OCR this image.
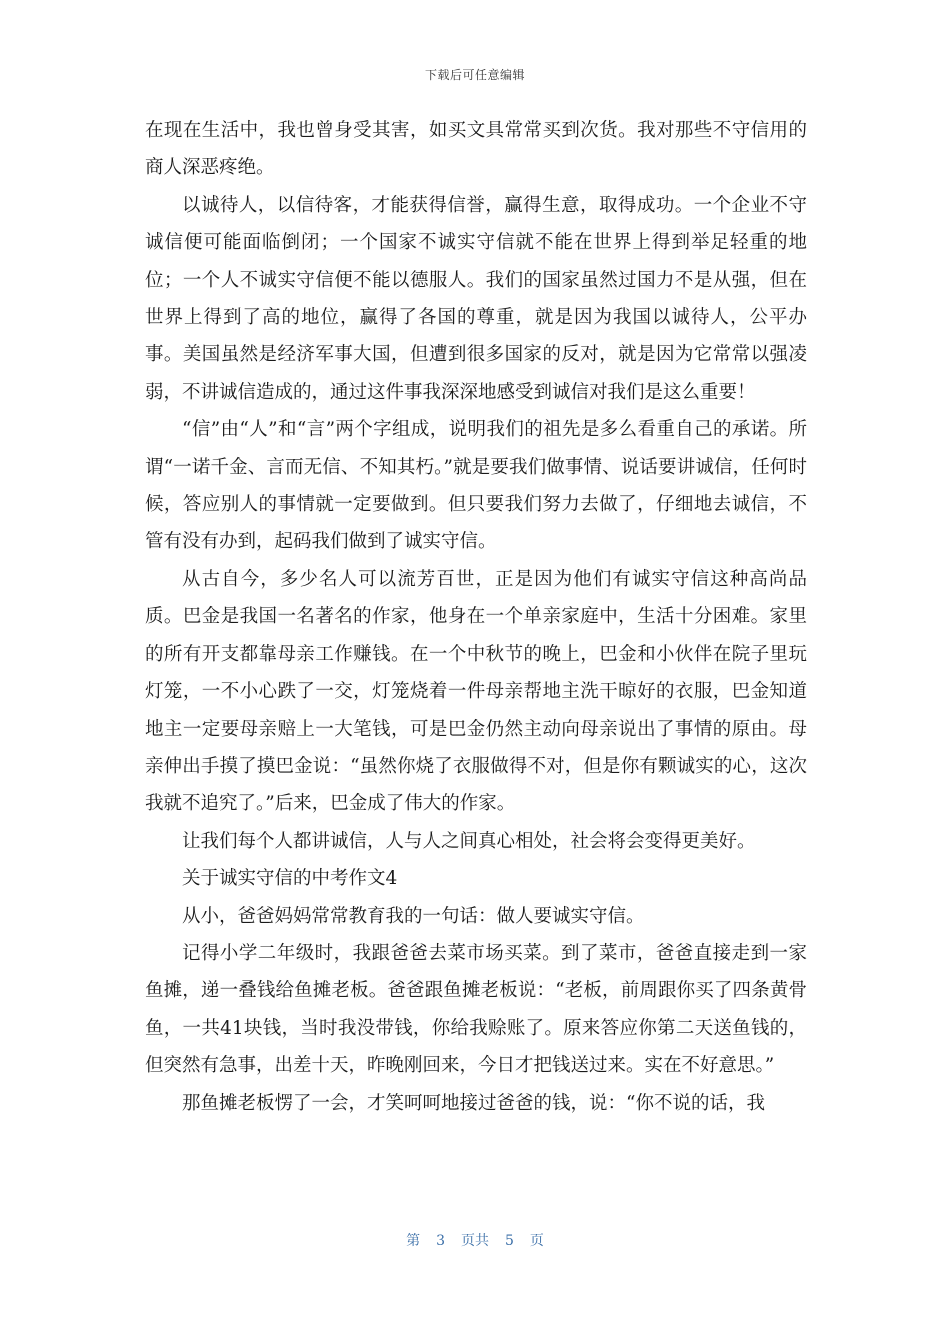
下载后可任意编辑

在现在生活中，我也曾身受其害，如买文具常常买到次货。我对那些不守信用的商人深恶疼绝。

以诚待人，以信待客，才能获得信誉，赢得生意，取得成功。一个企业不守诚信便可能面临倒闭；一个国家不诚实守信就不能在世界上得到举足轻重的地位；一个人不诚实守信便不能以德服人。我们的国家虽然过国力不是从强，但在世界上得到了高的地位，赢得了各国的尊重，就是因为我国以诚待人，公平办事。美国虽然是经济军事大国，但遭到很多国家的反对，就是因为它常常以强凌弱，不讲诚信造成的，通过这件事我深深地感受到诚信对我们是这么重要！

“信”由“人”和“言”两个字组成，说明我们的祖先是多么看重自己的承诺。所谓“一诺千金、言而无信、不知其朽。”就是要我们做事情、说话要讲诚信，任何时候，答应别人的事情就一定要做到。但只要我们努力去做了，仔细地去诚信，不管有没有办到，起码我们做到了诚实守信。

从古自今，多少名人可以流芳百世，正是因为他们有诚实守信这种高尚品质。巴金是我国一名著名的作家，他身在一个单亲家庭中，生活十分困难。家里的所有开支都靠母亲工作赚钱。在一个中秋节的晚上，巴金和小伙伴在院子里玩灯笼，一不小心跌了一交，灯笼烧着一件母亲帮地主洗干晾好的衣服，巴金知道地主一定要母亲赔上一大笔钱，可是巴金仍然主动向母亲说出了事情的原由。母亲伸出手摸了摸巴金说：“虽然你烧了衣服做得不对，但是你有颗诚实的心，这次我就不追究了。”后来，巴金成了伟大的作家。

让我们每个人都讲诚信，人与人之间真心相处，社会将会变得更美好。

关于诚实守信的中考作文4

从小，爸爸妈妈常常教育我的一句话：做人要诚实守信。

记得小学二年级时，我跟爸爸去菜市场买菜。到了菜市，爸爸直接走到一家鱼摊，递一叠钱给鱼摊老板。爸爸跟鱼摊老板说：“老板，前周跟你买了四条黄骨鱼，一共41块钱，当时我没带钱，你给我赊账了。原来答应你第二天送鱼钱的，但突然有急事，出差十天，昨晚刚回来，今日才把钱送过来。实在不好意思。”

那鱼摊老板愣了一会，才笑呵呵地接过爸爸的钱，说：“你不说的话，我

第 3 页共 5 页
